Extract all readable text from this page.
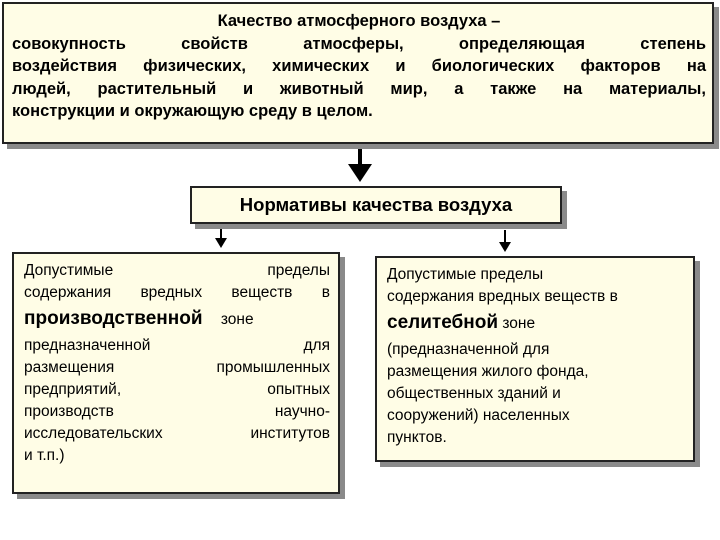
Качество атмосферного воздуха –
совокупность свойств атмосферы, определяющая степень
воздействия физических, химических и биологических факторов на
людей, растительный и животный мир, а также на материалы,
конструкции и окружающую среду в целом.
Нормативы качества воздуха
Допустимые пределы
содержания вредных веществ в
производственной зоне
предназначенной для
размещения промышленных
предприятий, опытных
производств научно-
исследовательских институтов
и т.п.)
Допустимые пределы
содержания вредных веществ в
селитебной зоне
(предназначенной для
размещения жилого фонда,
общественных зданий и
сооружений) населенных
пунктов.
